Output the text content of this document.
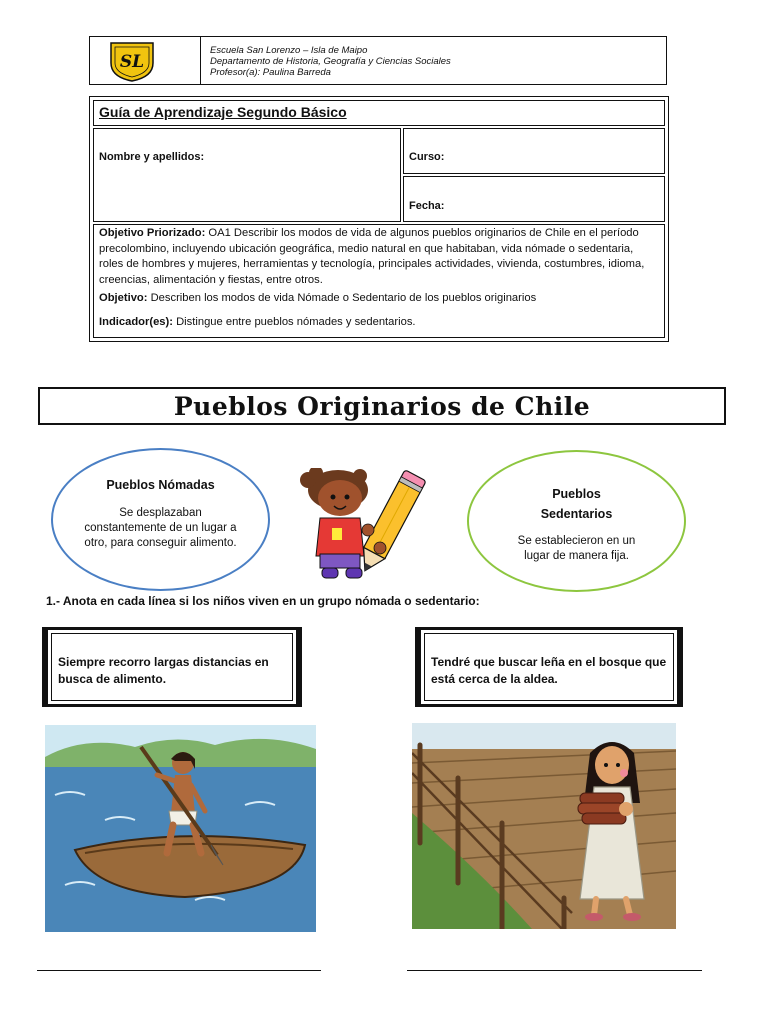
SL
Escuela San Lorenzo – Isla de Maipo
Departamento de Historia, Geografía y Ciencias Sociales
Profesor(a): Paulina Barreda
Guía de Aprendizaje Segundo Básico
Nombre y apellidos:	Curso:
Fecha:
Objetivo Priorizado: OA1 Describir los modos de vida de algunos pueblos originarios de Chile en el período precolombino, incluyendo ubicación geográfica, medio natural en que habitaban, vida nómade o sedentaria, roles de hombres y mujeres, herramientas y tecnología, principales actividades, vivienda, costumbres, idioma, creencias, alimentación y fiestas, entre otros.
Objetivo: Describen los modos de vida Nómade o Sedentario de los pueblos originarios
Indicador(es): Distingue entre pueblos nómades y sedentarios.
Pueblos Originarios de Chile
Pueblos Nómadas
Se desplazaban constantemente de un lugar a otro, para conseguir alimento.
Pueblos Sedentarios
Se establecieron en un lugar de manera fija.
1.- Anota en cada línea si los niños viven en un grupo nómada o sedentario:
Siempre recorro largas distancias en busca de alimento.
Tendré que buscar leña en el bosque que está cerca de la aldea.
